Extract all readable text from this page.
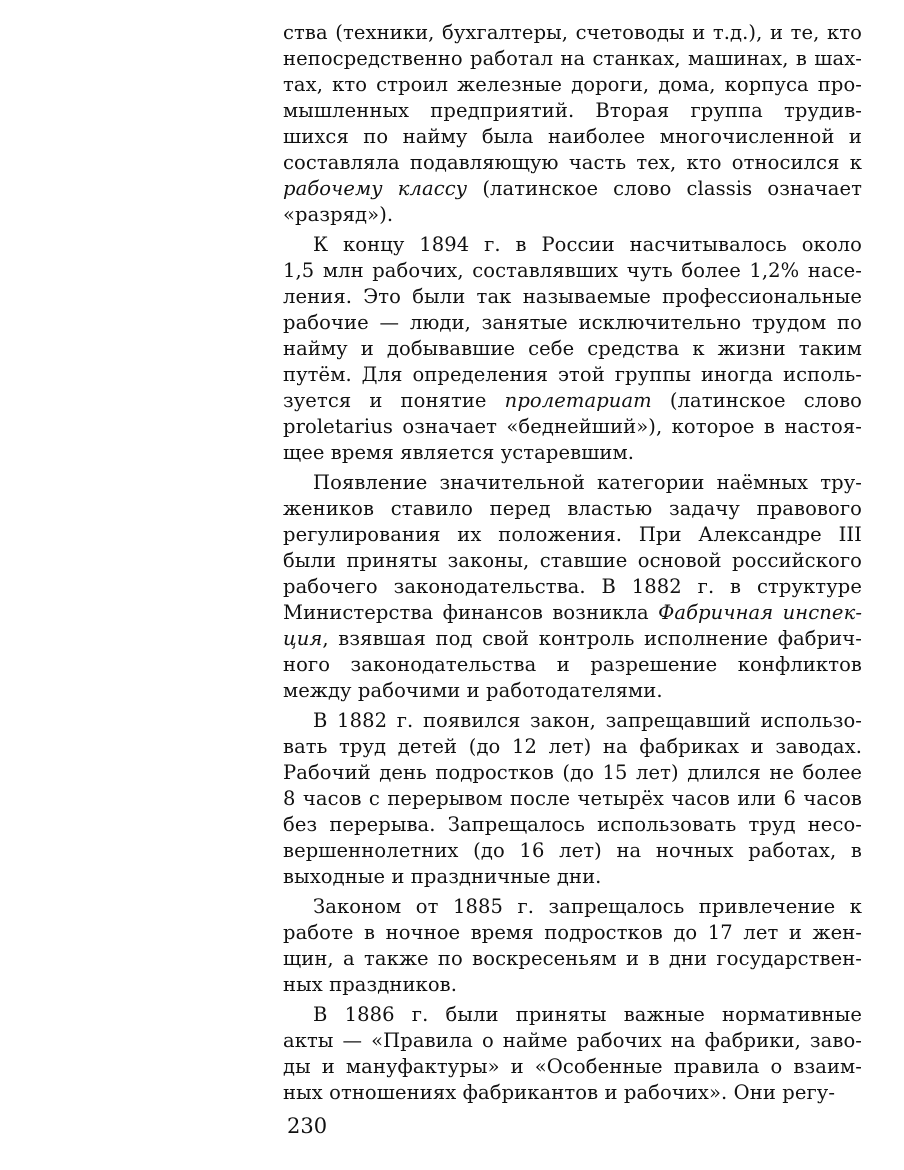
ства (техники, бухгалтеры, счетоводы и т.д.), и те, кто
непосредственно работал на станках, машинах, в шах-
тах, кто строил железные дороги, дома, корпуса про-
мышленных предприятий. Вторая группа трудив-
шихся по найму была наиболее многочисленной и
составляла подавляющую часть тех, кто относился к
рабочему классу (латинское слово classis означает
«разряд»).
К концу 1894 г. в России насчитывалось около
1,5 млн рабочих, составлявших чуть более 1,2% насе-
ления. Это были так называемые профессиональные
рабочие — люди, занятые исключительно трудом по
найму и добывавшие себе средства к жизни таким
путём. Для определения этой группы иногда исполь-
зуется и понятие пролетариат (латинское слово
proletarius означает «беднейший»), которое в настоя-
щее время является устаревшим.
Появление значительной категории наёмных тру-
жеников ставило перед властью задачу правового
регулирования их положения. При Александре III
были приняты законы, ставшие основой российского
рабочего законодательства. В 1882 г. в структуре
Министерства финансов возникла Фабричная инспек-
ция, взявшая под свой контроль исполнение фабрич-
ного законодательства и разрешение конфликтов
между рабочими и работодателями.
В 1882 г. появился закон, запрещавший использо-
вать труд детей (до 12 лет) на фабриках и заводах.
Рабочий день подростков (до 15 лет) длился не более
8 часов с перерывом после четырёх часов или 6 часов
без перерыва. Запрещалось использовать труд несо-
вершеннолетних (до 16 лет) на ночных работах, в
выходные и праздничные дни.
Законом от 1885 г. запрещалось привлечение к
работе в ночное время подростков до 17 лет и жен-
щин, а также по воскресеньям и в дни государствен-
ных праздников.
В 1886 г. были приняты важные нормативные
акты — «Правила о найме рабочих на фабрики, заво-
ды и мануфактуры» и «Особенные правила о взаим-
ных отношениях фабрикантов и рабочих». Они регу-
230
